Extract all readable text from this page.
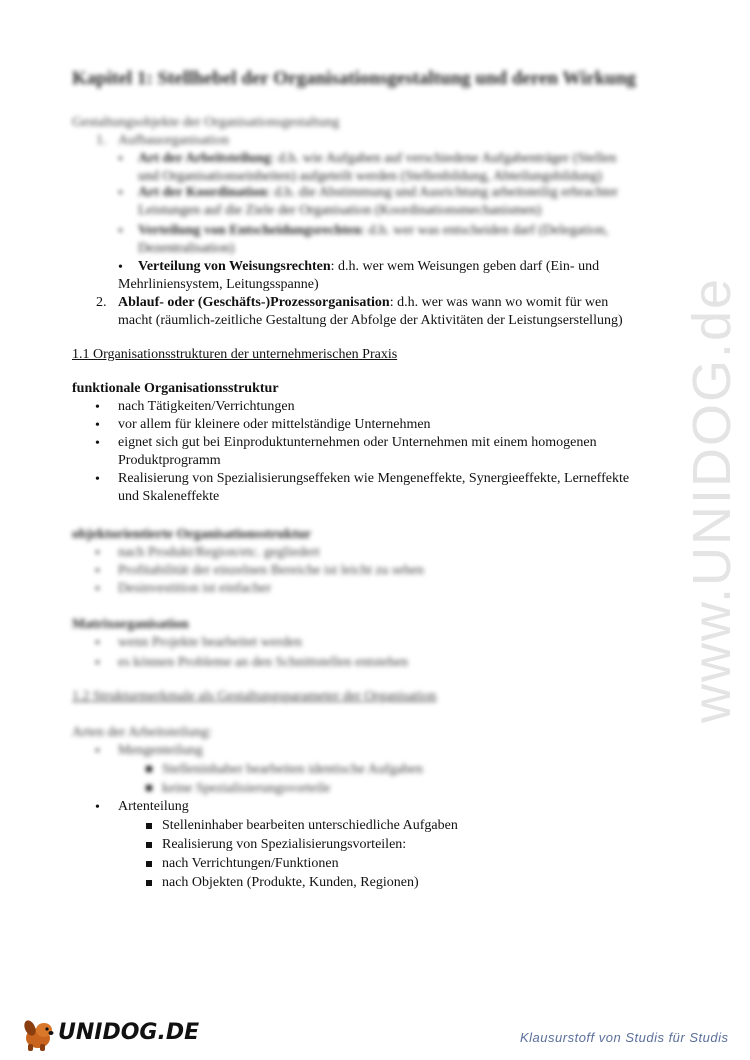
www.UNIDOG.de
Kapitel 1: Stellhebel der Organisationsgestaltung und deren Wirkung
Gestaltungsobjekte der Organisationsgestaltung
1. Aufbauorganisation
• Art der Arbeitsteilung: d.h. wie Aufgaben auf verschiedene Aufgabenträger (Stellen
und Organisationseinheiten) aufgeteilt werden (Stellenbildung, Abteilungsbildung)
• Art der Koordination: d.h. die Abstimmung und Ausrichtung arbeitsteilig erbrachter
Leistungen auf die Ziele der Organisation (Koordinationsmechanismen)
• Verteilung von Entscheidungsrechten: d.h. wer was entscheiden darf (Delegation,
Dezentralisation)
• Verteilung von Weisungsrechten: d.h. wer wem Weisungen geben darf (Ein- und
Mehrliniensystem, Leitungsspanne)
2. Ablauf- oder (Geschäfts-)Prozessorganisation: d.h. wer was wann wo womit für wen
macht (räumlich-zeitliche Gestaltung der Abfolge der Aktivitäten der Leistungserstellung)
1.1 Organisationsstrukturen der unternehmerischen Praxis
funktionale Organisationsstruktur
• nach Tätigkeiten/Verrichtungen
• vor allem für kleinere oder mittelständige Unternehmen
• eignet sich gut bei Einproduktunternehmen oder Unternehmen mit einem homogenen
Produktprogramm
• Realisierung von Spezialisierungseffeken wie Mengeneffekte, Synergieeffekte, Lerneffekte
und Skaleneffekte
objektorientierte Organisationsstruktur
• nach Produkt/Region/etc. gegliedert
• Profitabilität der einzelnen Bereiche ist leicht zu sehen
• Desinvestition ist einfacher
Matrixorganisation
• wenn Projekte bearbeitet werden
• es können Probleme an den Schnittstellen entstehen
1.2 Strukturmerkmale als Gestaltungsparameter der Organisation
Arten der Arbeitsteilung:
• Mengenteilung
Stelleninhaber bearbeiten identische Aufgaben
keine Spezialisierungsvorteile
• Artenteilung
Stelleninhaber bearbeiten unterschiedliche Aufgaben
Realisierung von Spezialisierungsvorteilen:
nach Verrichtungen/Funktionen
nach Objekten (Produkte, Kunden, Regionen)
UNIDOG.DE	Klausurstoff von Studis für Studis
